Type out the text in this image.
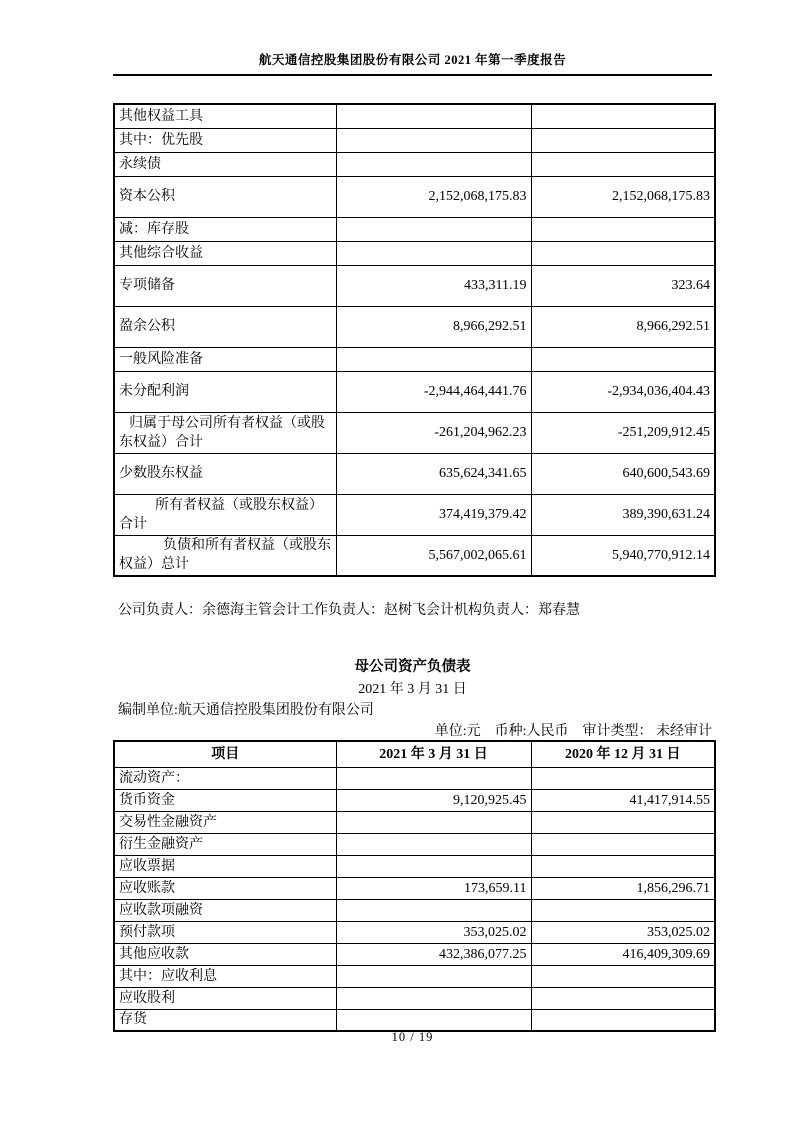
航天通信控股集团股份有限公司 2021 年第一季度报告
其他权益工具		
其中：优先股		
永续债		
资本公积	2,152,068,175.83	2,152,068,175.83
减：库存股		
其他综合收益		
专项储备	433,311.19	323.64
盈余公积	8,966,292.51	8,966,292.51
一般风险准备		
未分配利润	-2,944,464,441.76	-2,934,036,404.43
归属于母公司所有者权益（或股东权益）合计	-261,204,962.23	-251,209,912.45
少数股东权益	635,624,341.65	640,600,543.69
所有者权益（或股东权益）合计	374,419,379.42	389,390,631.24
负债和所有者权益（或股东权益）总计	5,567,002,065.61	5,940,770,912.14
公司负责人：余德海主管会计工作负责人：赵树飞会计机构负责人：郑春慧
母公司资产负债表
2021 年 3 月 31 日
编制单位:航天通信控股集团股份有限公司
单位:元　币种:人民币　审计类型： 未经审计
项目	2021 年 3 月 31 日	2020 年 12 月 31 日
流动资产：		
货币资金	9,120,925.45	41,417,914.55
交易性金融资产		
衍生金融资产		
应收票据		
应收账款	173,659.11	1,856,296.71
应收款项融资		
预付款项	353,025.02	353,025.02
其他应收款	432,386,077.25	416,409,309.69
其中：应收利息		
应收股利		
存货		
10 / 19
